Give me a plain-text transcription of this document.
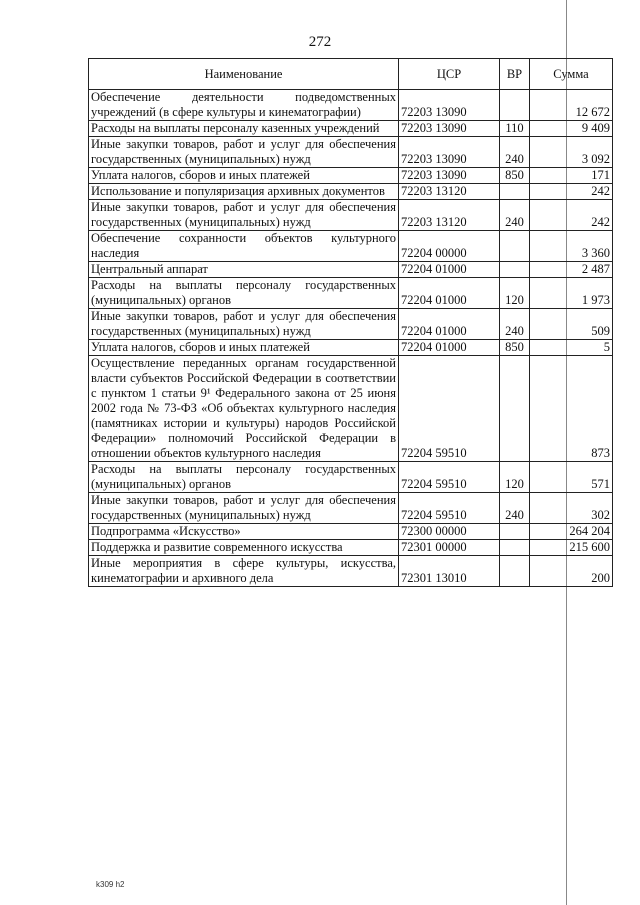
272
Наименование	ЦСР	ВР	Сумма
Обеспечение деятельности подведомственных учреждений (в сфере культуры и кинематографии)	72203 13090		12 672
Расходы на выплаты персоналу казенных учреждений	72203 13090	110	9 409
Иные закупки товаров, работ и услуг для обеспечения государственных (муниципальных) нужд	72203 13090	240	3 092
Уплата налогов, сборов и иных платежей	72203 13090	850	171
Использование и популяризация архивных документов	72203 13120		242
Иные закупки товаров, работ и услуг для обеспечения государственных (муниципальных) нужд	72203 13120	240	242
Обеспечение сохранности объектов культурного наследия	72204 00000		3 360
Центральный аппарат	72204 01000		2 487
Расходы на выплаты персоналу государственных (муниципальных) органов	72204 01000	120	1 973
Иные закупки товаров, работ и услуг для обеспечения государственных (муниципальных) нужд	72204 01000	240	509
Уплата налогов, сборов и иных платежей	72204 01000	850	5
Осуществление переданных органам государственной власти субъектов Российской Федерации в соответствии с пунктом 1 статьи 9¹ Федерального закона от 25 июня 2002 года № 73-ФЗ «Об объектах культурного наследия (памятниках истории и культуры) народов Российской Федерации» полномочий Российской Федерации в отношении объектов культурного наследия	72204 59510		873
Расходы на выплаты персоналу государственных (муниципальных) органов	72204 59510	120	571
Иные закупки товаров, работ и услуг для обеспечения государственных (муниципальных) нужд	72204 59510	240	302
Подпрограмма «Искусство»	72300 00000		264 204
Поддержка и развитие современного искусства	72301 00000		215 600
Иные мероприятия в сфере культуры, искусства, кинематографии и архивного дела	72301 13010		200
k309 h2
